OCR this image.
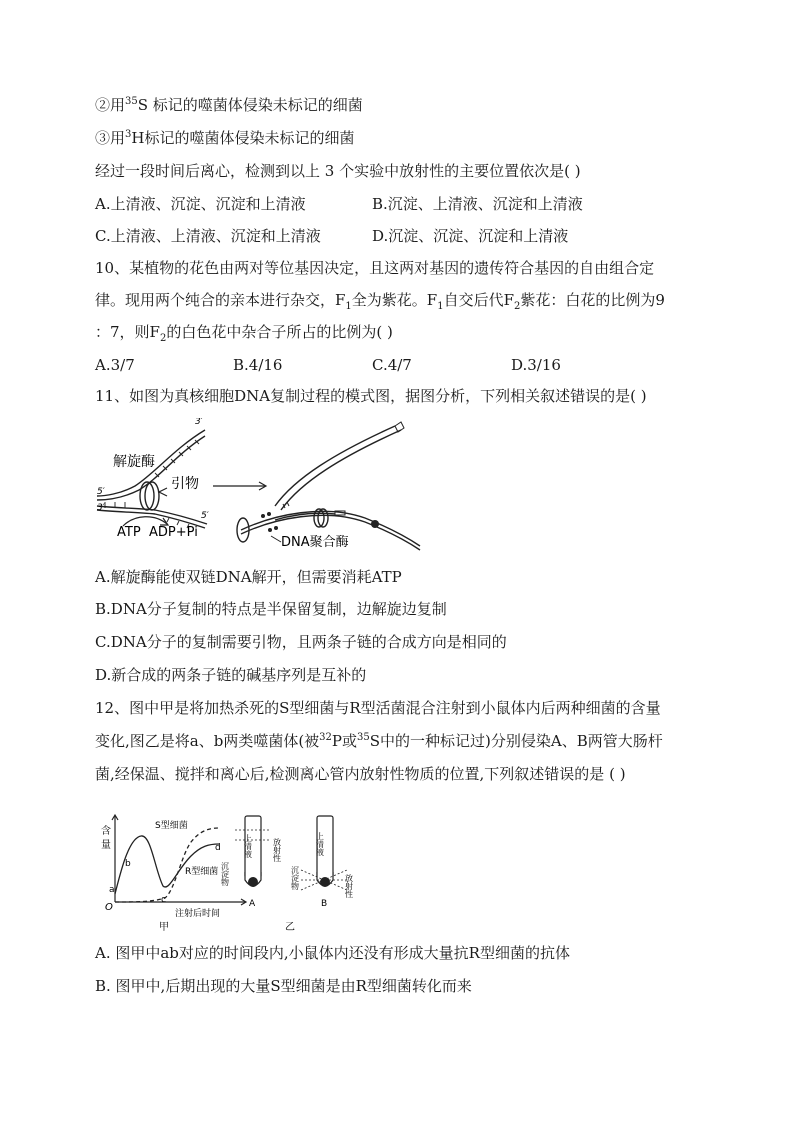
②用$^{35}$S 标记的噬菌体侵染未标记的细菌
③用$^3$H标记的噬菌体侵染未标记的细菌
经过一段时间后离心，检测到以上 3 个实验中放射性的主要位置依次是( )
A.上清液、沉淀、沉淀和上清液	B.沉淀、上清液、沉淀和上清液
C.上清液、上清液、沉淀和上清液	D.沉淀、沉淀、沉淀和上清液
10、某植物的花色由两对等位基因决定，且这两对基因的遗传符合基因的自由组合定
律。现用两个纯合的亲本进行杂交，$F_1$全为紫花。$F_1$自交后代$F_2$紫花：白花的比例为9
：7，则$F_2$的白色花中杂合子所占的比例为( )
A.3/7	B.4/16	C.4/7	D.3/16
11、如图为真核细胞DNA复制过程的模式图，据图分析，下列相关叙述错误的是( )
3′
5′
3′
5′
解旋酶
引物
ATP ADP+Pi
DNA聚合酶
A.解旋酶能使双链DNA解开，但需要消耗ATP
B.DNA分子复制的特点是半保留复制，边解旋边复制
C.DNA分子的复制需要引物，且两条子链的合成方向是相同的
D.新合成的两条子链的碱基序列是互补的
12、图中甲是将加热杀死的S型细菌与R型活菌混合注射到小鼠体内后两种细菌的含量
变化,图乙是将a、b两类噬菌体(被$^{32}$P或$^{35}$S中的一种标记过)分别侵染A、B两管大肠杆
菌,经保温、搅拌和离心后,检测离心管内放射性物质的位置,下列叙述错误的是 ( )
含
量
O
a
b
c
d
S型细菌
R型细菌
注射后时间
甲
上清液	放射性
沉淀物
A
上清液
沉淀物	放射性
B
乙
A. 图甲中ab对应的时间段内,小鼠体内还没有形成大量抗R型细菌的抗体
B. 图甲中,后期出现的大量S型细菌是由R型细菌转化而来
